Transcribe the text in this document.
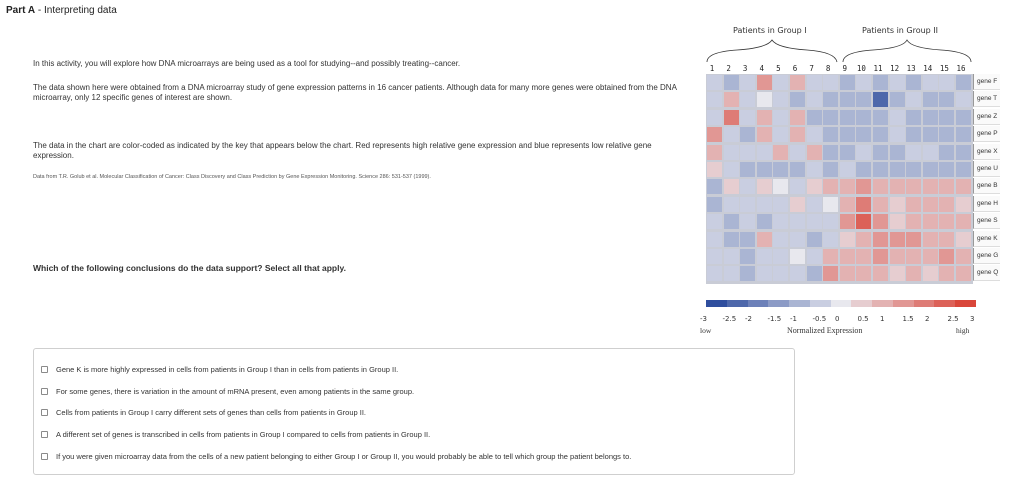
Part A - Interpreting data
In this activity, you will explore how DNA microarrays are being used as a tool for studying--and possibly treating--cancer.
The data shown here were obtained from a DNA microarray study of gene expression patterns in 16 cancer patients. Although data for many more genes were obtained from the DNA microarray, only 12 specific genes of interest are shown.
The data in the chart are color-coded as indicated by the key that appears below the chart. Red represents high relative gene expression and blue represents low relative gene expression.
Data from T.R. Golub et al. Molecular Classification of Cancer: Class Discovery and Class Prediction by Gene Expression Monitoring. Science 286: 531-537 (1999).
Which of the following conclusions do the data support? Select all that apply.
Patients in Group I	Patients in Group II
1	2	3	4	5	6	7	8	9	10	11	12	13	14	15	16
gene F
gene T
gene Z
gene P
gene X
gene U
gene B
gene H
gene S
gene K
gene G
gene Q
-3 -2.5 -2 -1.5 -1 -0.5 0	0.5 1	1.5 2	2.5 3
low	Normalized Expression	high
Gene K is more highly expressed in cells from patients in Group I than in cells from patients in Group II.
For some genes, there is variation in the amount of mRNA present, even among patients in the same group.
Cells from patients in Group I carry different sets of genes than cells from patients in Group II.
A different set of genes is transcribed in cells from patients in Group I compared to cells from patients in Group II.
If you were given microarray data from the cells of a new patient belonging to either Group I or Group II, you would probably be able to tell which group the patient belongs to.
